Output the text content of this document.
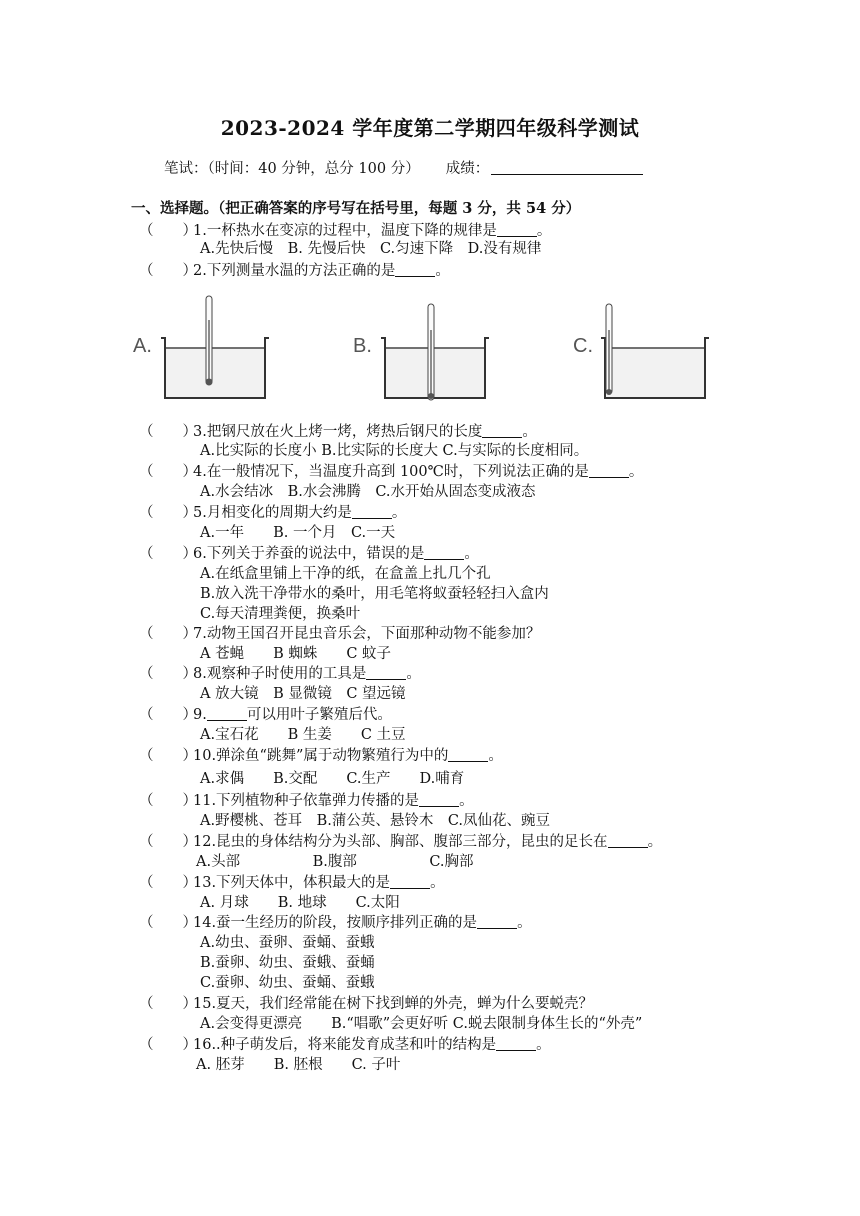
2023-2024 学年度第二学期四年级科学测试
笔试：（时间：40 分钟，总分 100 分） 成绩：
一、选择题。（把正确答案的序号写在括号里，每题 3 分，共 54 分）
（　　）1.一杯热水在变凉的过程中，温度下降的规律是	。
A.先快后慢　B. 先慢后快　C.匀速下降　D.没有规律
（　　）2.下列测量水温的方法正确的是	。
A.	B.	C.
（　　）3.把钢尺放在火上烤一烤，烤热后钢尺的长度	。
A.比实际的长度小 B.比实际的长度大 C.与实际的长度相同。
（　　）4.在一般情况下，当温度升高到 100℃时，下列说法正确的是	。
A.水会结冰　B.水会沸腾　C.水开始从固态变成液态
（　　）5.月相变化的周期大约是	。
A.一年　　B. 一个月　C.一天
（　　）6.下列关于养蚕的说法中，错误的是	。
A.在纸盒里铺上干净的纸，在盒盖上扎几个孔
B.放入洗干净带水的桑叶，用毛笔将蚁蚕轻轻扫入盒内
C.每天清理粪便，换桑叶
（　　）7.动物王国召开昆虫音乐会，下面那种动物不能参加？
A 苍蝇　　B 蜘蛛　　C 蚊子
（　　）8.观察种子时使用的工具是	。
A 放大镜　B 显微镜　C 望远镜
（　　）9.	可以用叶子繁殖后代。
A.宝石花　　B 生姜　　C 土豆
（　　）10.弹涂鱼“跳舞”属于动物繁殖行为中的	。
A.求偶　　B.交配　　C.生产　　D.哺育
（　　）11.下列植物种子依靠弹力传播的是	。
A.野樱桃、苍耳　B.蒲公英、悬铃木　C.凤仙花、豌豆
（　　）12.昆虫的身体结构分为头部、胸部、腹部三部分，昆虫的足长在	。
A.头部　　　　　B.腹部　　　　　C.胸部
（　　）13.下列天体中，体积最大的是	。
A. 月球　　B. 地球　　C.太阳
（　　）14.蚕一生经历的阶段，按顺序排列正确的是	。
A.幼虫、蚕卵、蚕蛹、蚕蛾
B.蚕卵、幼虫、蚕蛾、蚕蛹
C.蚕卵、幼虫、蚕蛹、蚕蛾
（　　）15.夏天，我们经常能在树下找到蝉的外壳，蝉为什么要蜕壳？
A.会变得更漂亮　　B.“唱歌”会更好听 C.蜕去限制身体生长的“外壳”
（　　）16..种子萌发后，将来能发育成茎和叶的结构是	。
A. 胚芽　　B. 胚根　　C. 子叶
